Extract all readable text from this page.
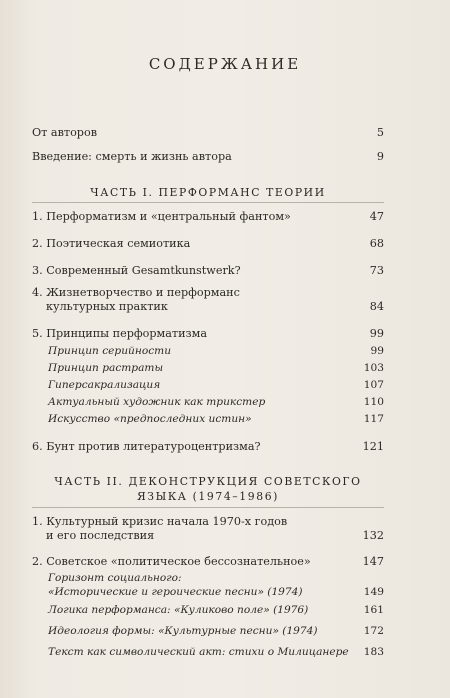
СОДЕРЖАНИЕ
От авторов	5
Введение: смерть и жизнь автора	9
ЧАСТЬ I. ПЕРФОРМАНС ТЕОРИИ
1. Перформатизм и «центральный фантом»	47
2. Поэтическая семиотика	68
3. Современный Gesamtkunstwerk?	73
4. Жизнетворчество и перформанс
культурных практик	84
5. Принципы перформатизма	99
Принцип серийности	99
Принцип растраты	103
Гиперсакрализация	107
Актуальный художник как трикстер	110
Искусство «предпоследних истин»	117
6. Бунт против литературоцентризма?	121
ЧАСТЬ II. ДЕКОНСТРУКЦИЯ СОВЕТСКОГО
ЯЗЫКА (1974–1986)
1. Культурный кризис начала 1970-х годов
и его последствия	132
2. Советское «политическое бессознательное»	147
Горизонт социального:
«Исторические и героические песни» (1974)	149
Логика перформанса: «Куликово поле» (1976)	161
Идеология формы: «Культурные песни» (1974)	172
Текст как символический акт: стихи о Милицанере 183
